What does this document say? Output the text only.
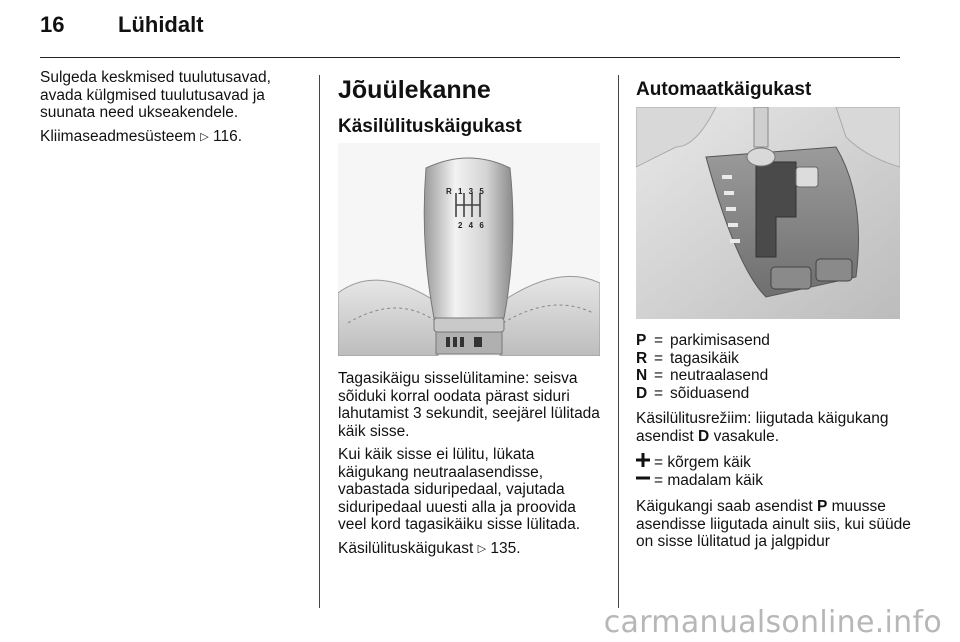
16 Lühidalt

Sulgeda keskmised tuulutusavad, avada külgmised tuulutusavad ja suunata need ukseakendele.

Kliimaseadmesüsteem ▷ 116.

Jõuülekanne
Käsilülituskäigukast
R 1 3 5
2 4 6

Tagasikäigu sisselülitamine: seisva sõiduki korral oodata pärast siduri lahutamist 3 sekundit, seejärel lülitada käik sisse.

Kui käik sisse ei lülitu, lükata käigukang neutraalasendisse, vabastada siduripedaal, vajutada siduripedaal uuesti alla ja proovida veel kord tagasikäiku sisse lülitada.

Käsilülituskäigukast ▷ 135.

Automaatkäigukast
P = parkimisasend
R = tagasikäik
N = neutraalasend
D = sõiduasend

Käsilülitusrežiim: liigutada käigukang asendist D vasakule.

= kõrgem käik
= madalam käik

Käigukangi saab asendist P muusse asendisse liigutada ainult siis, kui süüde on sisse lülitatud ja jalgpidur

carmanualsonline.info
